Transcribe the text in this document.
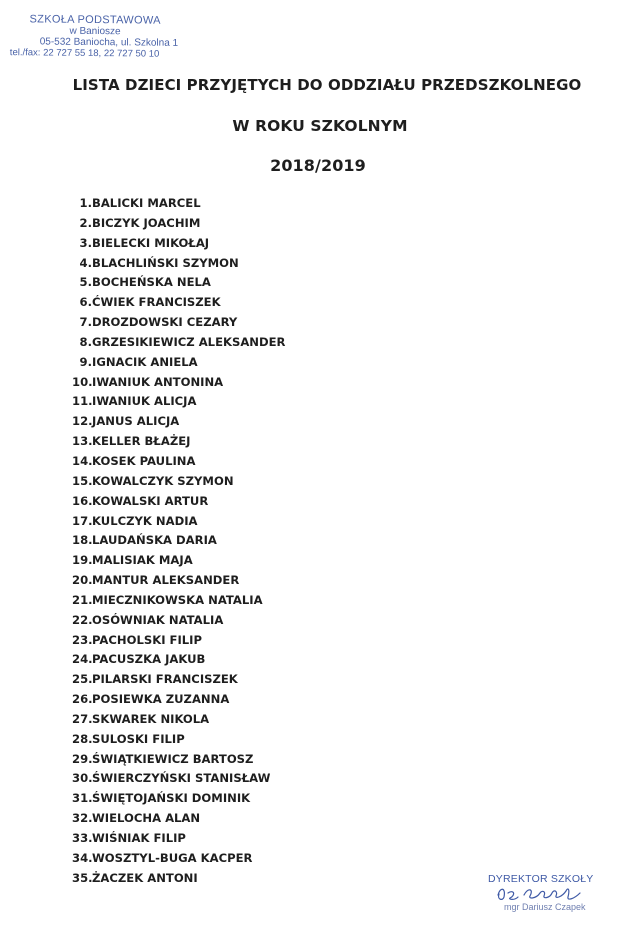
SZKOŁA PODSTAWOWA
w Baniosze
05-532 Baniocha, ul. Szkolna 1
tel./fax: 22 727 55 18, 22 727 50 10
LISTA DZIECI PRZYJĘTYCH DO ODDZIAŁU PRZEDSZKOLNEGO
W ROKU SZKOLNYM
2018/2019
1. BALICKI MARCEL
2. BICZYK JOACHIM
3. BIELECKI MIKOŁAJ
4. BLACHLIŃSKI SZYMON
5. BOCHEŃSKA NELA
6. ĆWIEK FRANCISZEK
7. DROZDOWSKI CEZARY
8. GRZESIKIEWICZ ALEKSANDER
9. IGNACIK ANIELA
10. IWANIUK ANTONINA
11. IWANIUK ALICJA
12. JANUS ALICJA
13. KELLER BŁAŻEJ
14. KOSEK PAULINA
15. KOWALCZYK SZYMON
16. KOWALSKI ARTUR
17. KULCZYK NADIA
18. LAUDAŃSKA DARIA
19. MALISIAK MAJA
20. MANTUR ALEKSANDER
21. MIECZNIKOWSKA NATALIA
22. OSÓWNIAK NATALIA
23. PACHOLSKI FILIP
24. PACUSZKA JAKUB
25. PILARSKI FRANCISZEK
26. POSIEWKA ZUZANNA
27. SKWAREK NIKOLA
28. SULOSKI FILIP
29. ŚWIĄTKIEWICZ BARTOSZ
30. ŚWIERCZYŃSKI STANISŁAW
31. ŚWIĘTOJAŃSKI DOMINIK
32. WIELOCHA ALAN
33. WIŚNIAK FILIP
34. WOSZTYL-BUGA KACPER
35. ŻACZEK ANTONI	DYREKTOR SZKOŁY
mgr Dariusz Czapek
